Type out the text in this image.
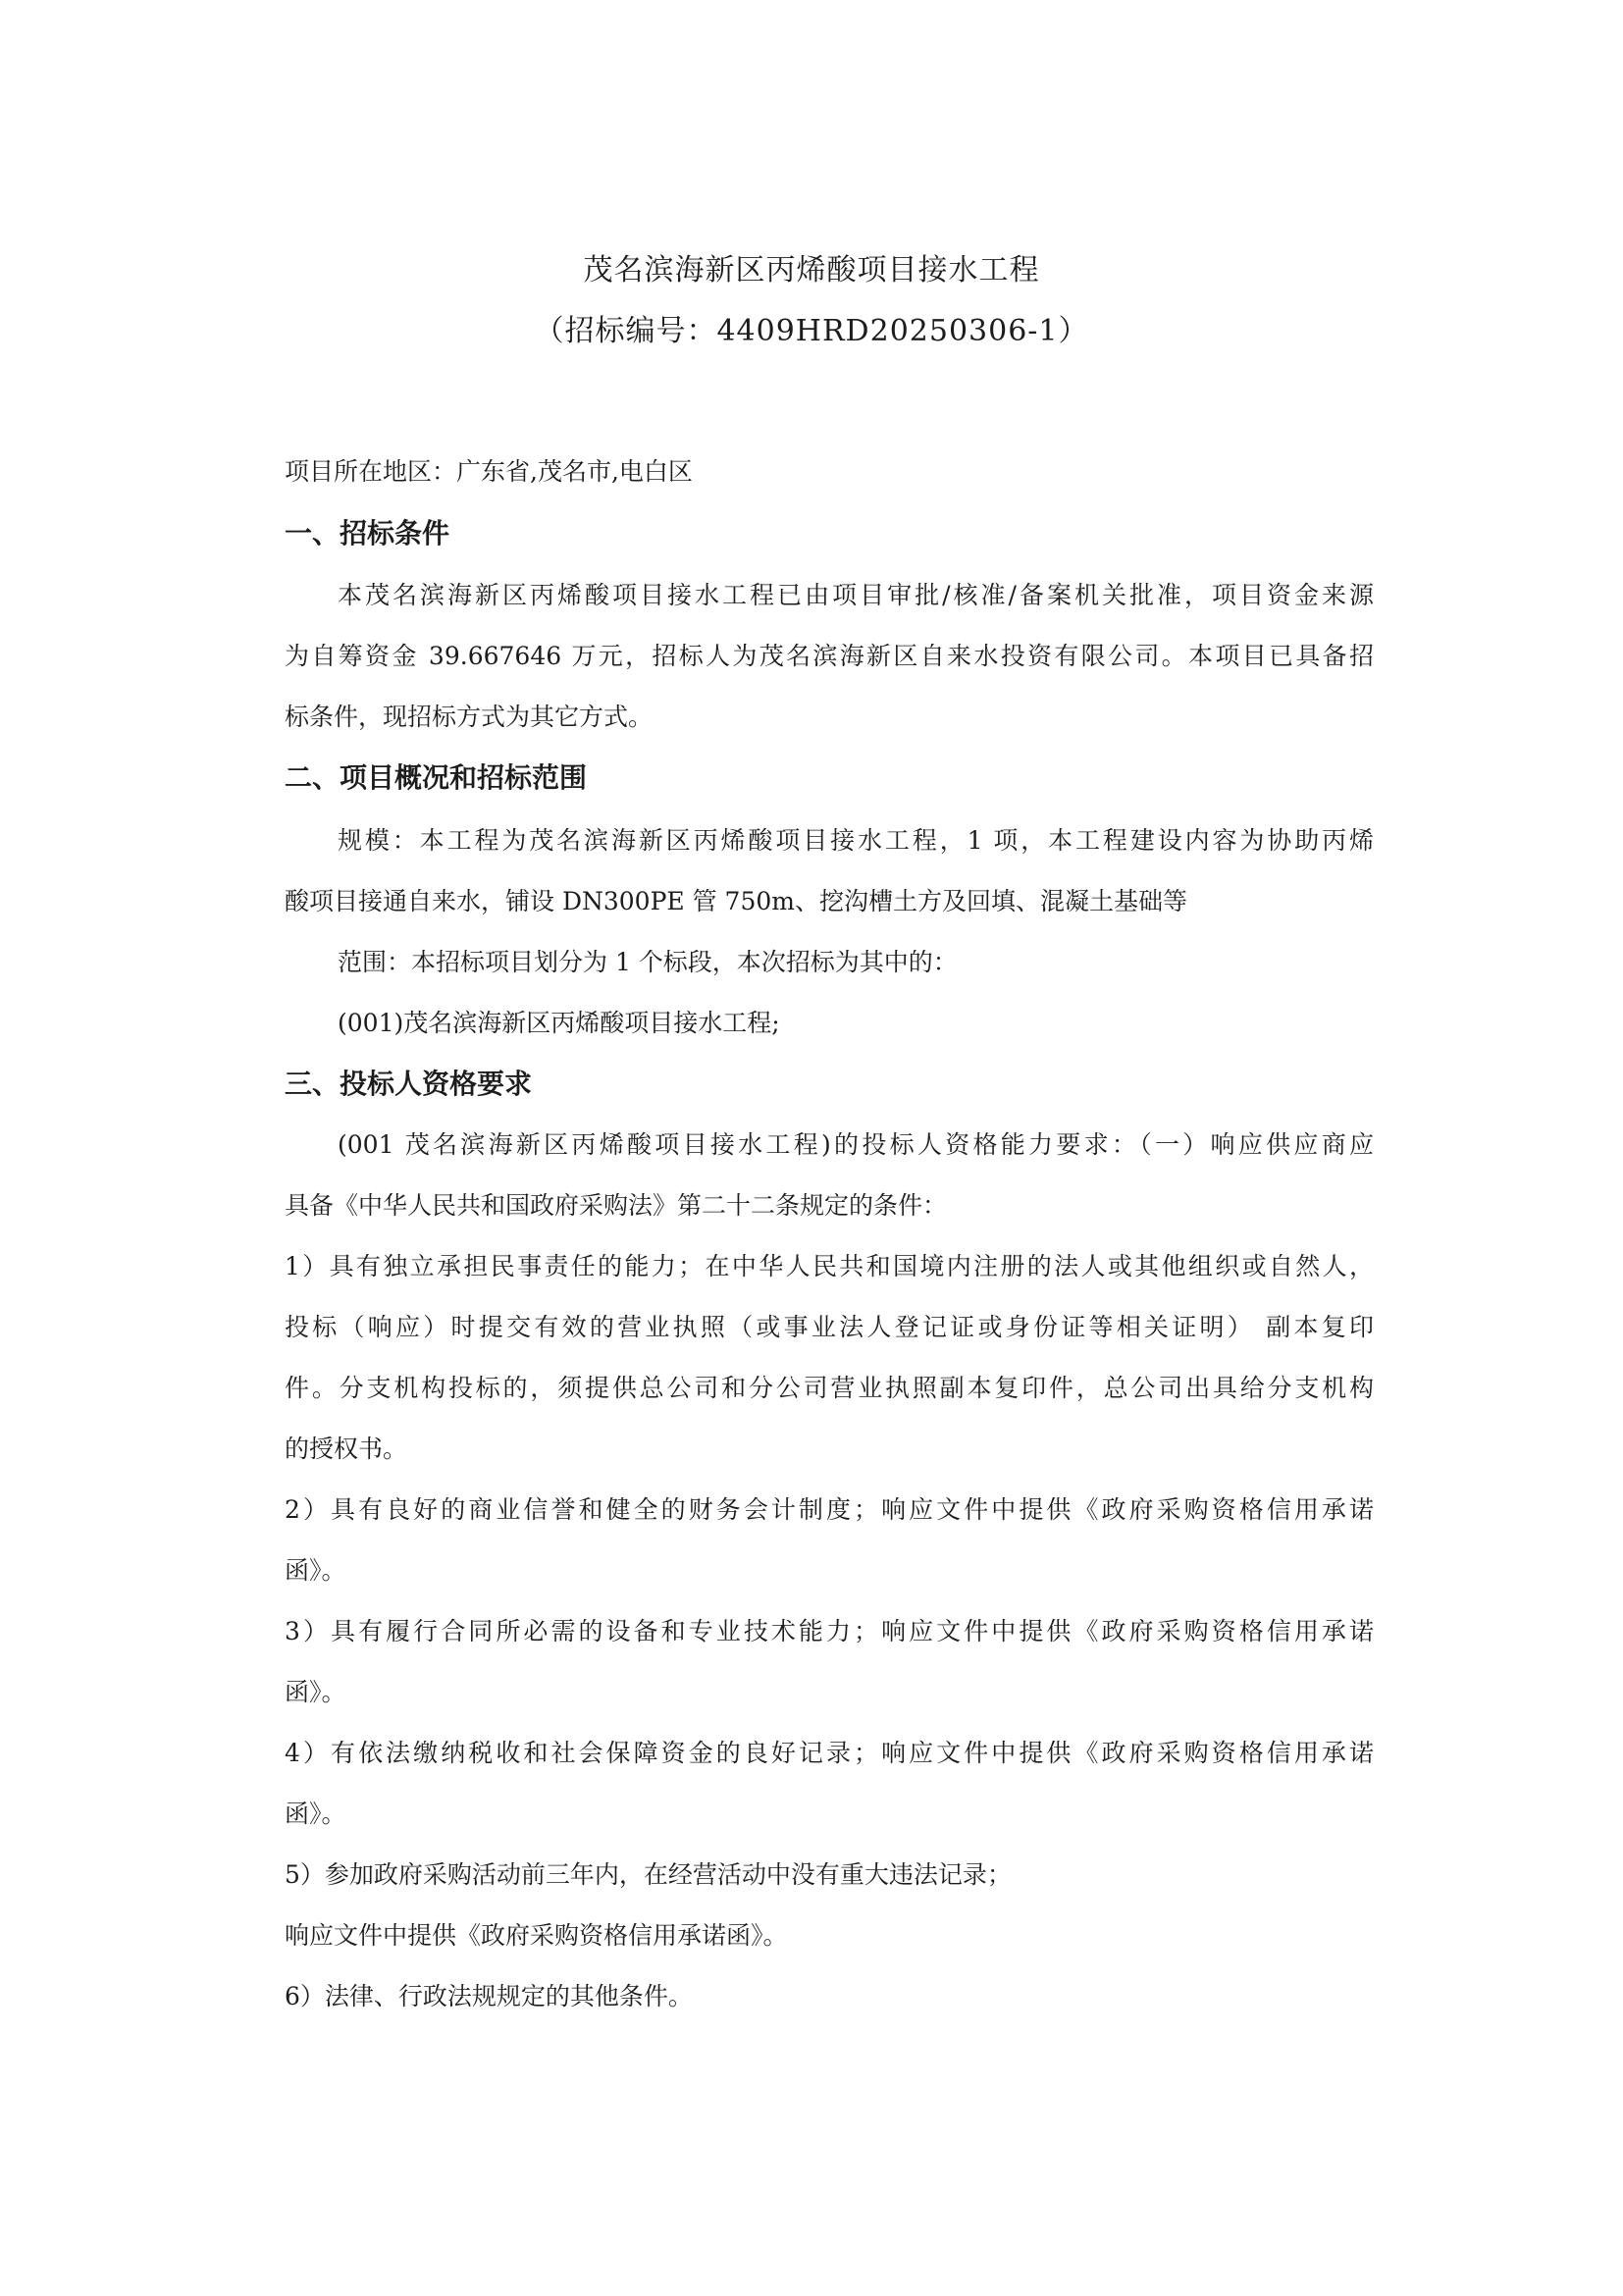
茂名滨海新区丙烯酸项目接水工程
（招标编号：4409HRD20250306-1）
项目所在地区：广东省,茂名市,电白区
一、招标条件
本茂名滨海新区丙烯酸项目接水工程已由项目审批/核准/备案机关批准，项目资金来源
为自筹资金 39.667646 万元，招标人为茂名滨海新区自来水投资有限公司。本项目已具备招
标条件，现招标方式为其它方式。
二、项目概况和招标范围
规模：本工程为茂名滨海新区丙烯酸项目接水工程，1 项，本工程建设内容为协助丙烯
酸项目接通自来水，铺设 DN300PE 管 750m、挖沟槽土方及回填、混凝土基础等
范围：本招标项目划分为 1 个标段，本次招标为其中的：
(001)茂名滨海新区丙烯酸项目接水工程;
三、投标人资格要求
(001 茂名滨海新区丙烯酸项目接水工程)的投标人资格能力要求：（一）响应供应商应
具备《中华人民共和国政府采购法》第二十二条规定的条件：
1）具有独立承担民事责任的能力；在中华人民共和国境内注册的法人或其他组织或自然人，
投标（响应）时提交有效的营业执照（或事业法人登记证或身份证等相关证明） 副本复印
件。分支机构投标的，须提供总公司和分公司营业执照副本复印件，总公司出具给分支机构
的授权书。
2）具有良好的商业信誉和健全的财务会计制度；响应文件中提供《政府采购资格信用承诺
函》。
3）具有履行合同所必需的设备和专业技术能力；响应文件中提供《政府采购资格信用承诺
函》。
4）有依法缴纳税收和社会保障资金的良好记录；响应文件中提供《政府采购资格信用承诺
函》。
5）参加政府采购活动前三年内，在经营活动中没有重大违法记录；
响应文件中提供《政府采购资格信用承诺函》。
6）法律、行政法规规定的其他条件。
